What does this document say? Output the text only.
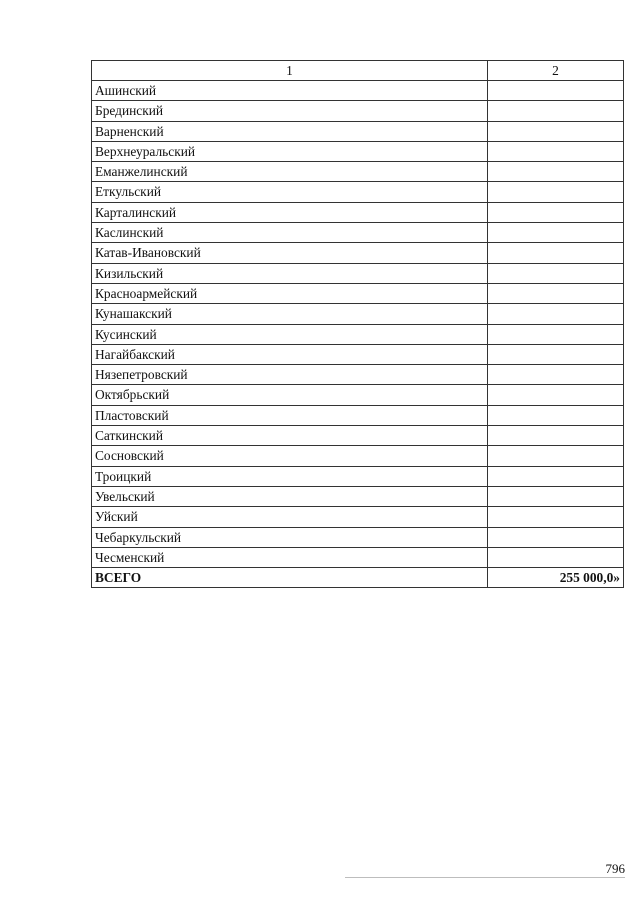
1	2
Ашинский	
Брединский	
Варненский	
Верхнеуральский	
Еманжелинский	
Еткульский	
Карталинский	
Каслинский	
Катав-Ивановский	
Кизильский	
Красноармейский	
Кунашакский	
Кусинский	
Нагайбакский	
Нязепетровский	
Октябрьский	
Пластовский	
Саткинский	
Сосновский	
Троицкий	
Увельский	
Уйский	
Чебаркульский	
Чесменский	
ВСЕГО	255 000,0»
796
